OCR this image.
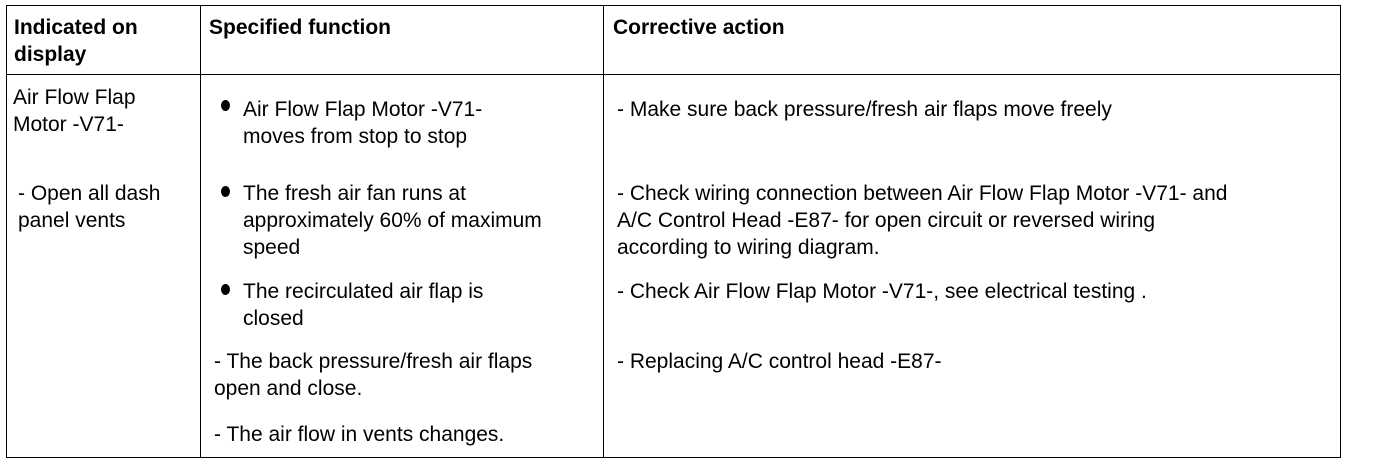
Indicated on
display
Specified function	Corrective action
Air Flow Flap
Motor -V71-
- Open all dash
panel vents
Air Flow Flap Motor -V71-
moves from stop to stop
The fresh air fan runs at
approximately 60% of maximum
speed
The recirculated air flap is
closed
- The back pressure/fresh air flaps
open and close.
- The air flow in vents changes.
- Make sure back pressure/fresh air flaps move freely
- Check wiring connection between Air Flow Flap Motor -V71- and
A/C Control Head -E87- for open circuit or reversed wiring
according to wiring diagram.
- Check Air Flow Flap Motor -V71-, see electrical testing .
- Replacing A/C control head -E87-
